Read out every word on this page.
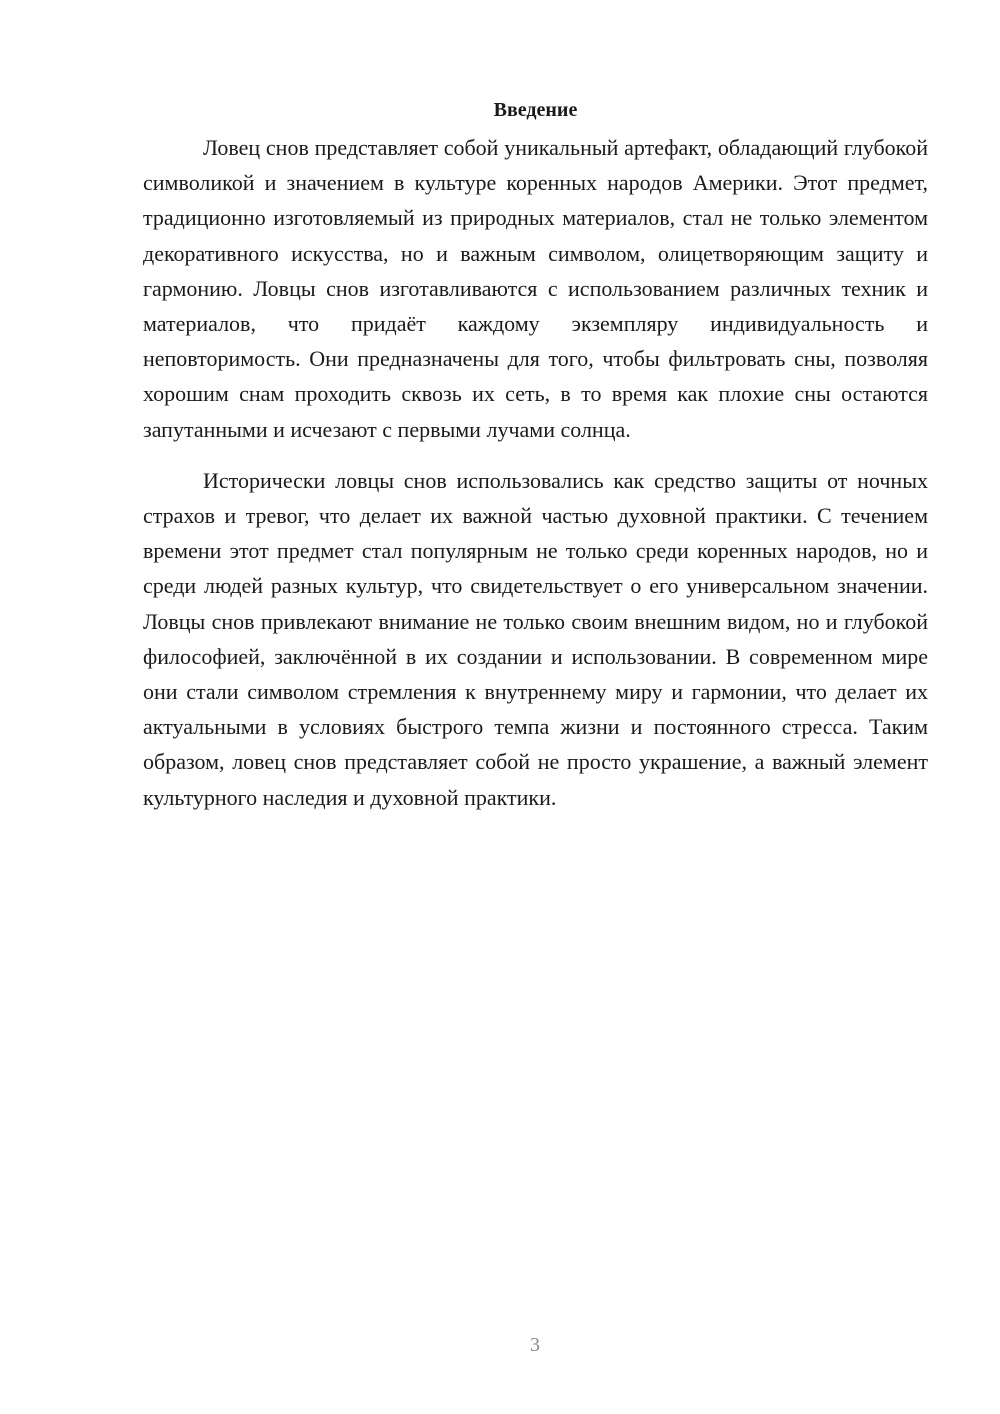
Введение

Ловец снов представляет собой уникальный артефакт, обладающий глубокой символикой и значением в культуре коренных народов Америки. Этот предмет, традиционно изготовляемый из природных материалов, стал не только элементом декоративного искусства, но и важным символом, олицетворяющим защиту и гармонию. Ловцы снов изготавливаются с использованием различных техник и материалов, что придаёт каждому экземпляру индивидуальность и неповторимость. Они предназначены для того, чтобы фильтровать сны, позволяя хорошим снам проходить сквозь их сеть, в то время как плохие сны остаются запутанными и исчезают с первыми лучами солнца.

Исторически ловцы снов использовались как средство защиты от ночных страхов и тревог, что делает их важной частью духовной практики. С течением времени этот предмет стал популярным не только среди коренных народов, но и среди людей разных культур, что свидетельствует о его универсальном значении. Ловцы снов привлекают внимание не только своим внешним видом, но и глубокой философией, заключённой в их создании и использовании. В современном мире они стали символом стремления к внутреннему миру и гармонии, что делает их актуальными в условиях быстрого темпа жизни и постоянного стресса. Таким образом, ловец снов представляет собой не просто украшение, а важный элемент культурного наследия и духовной практики.

3
